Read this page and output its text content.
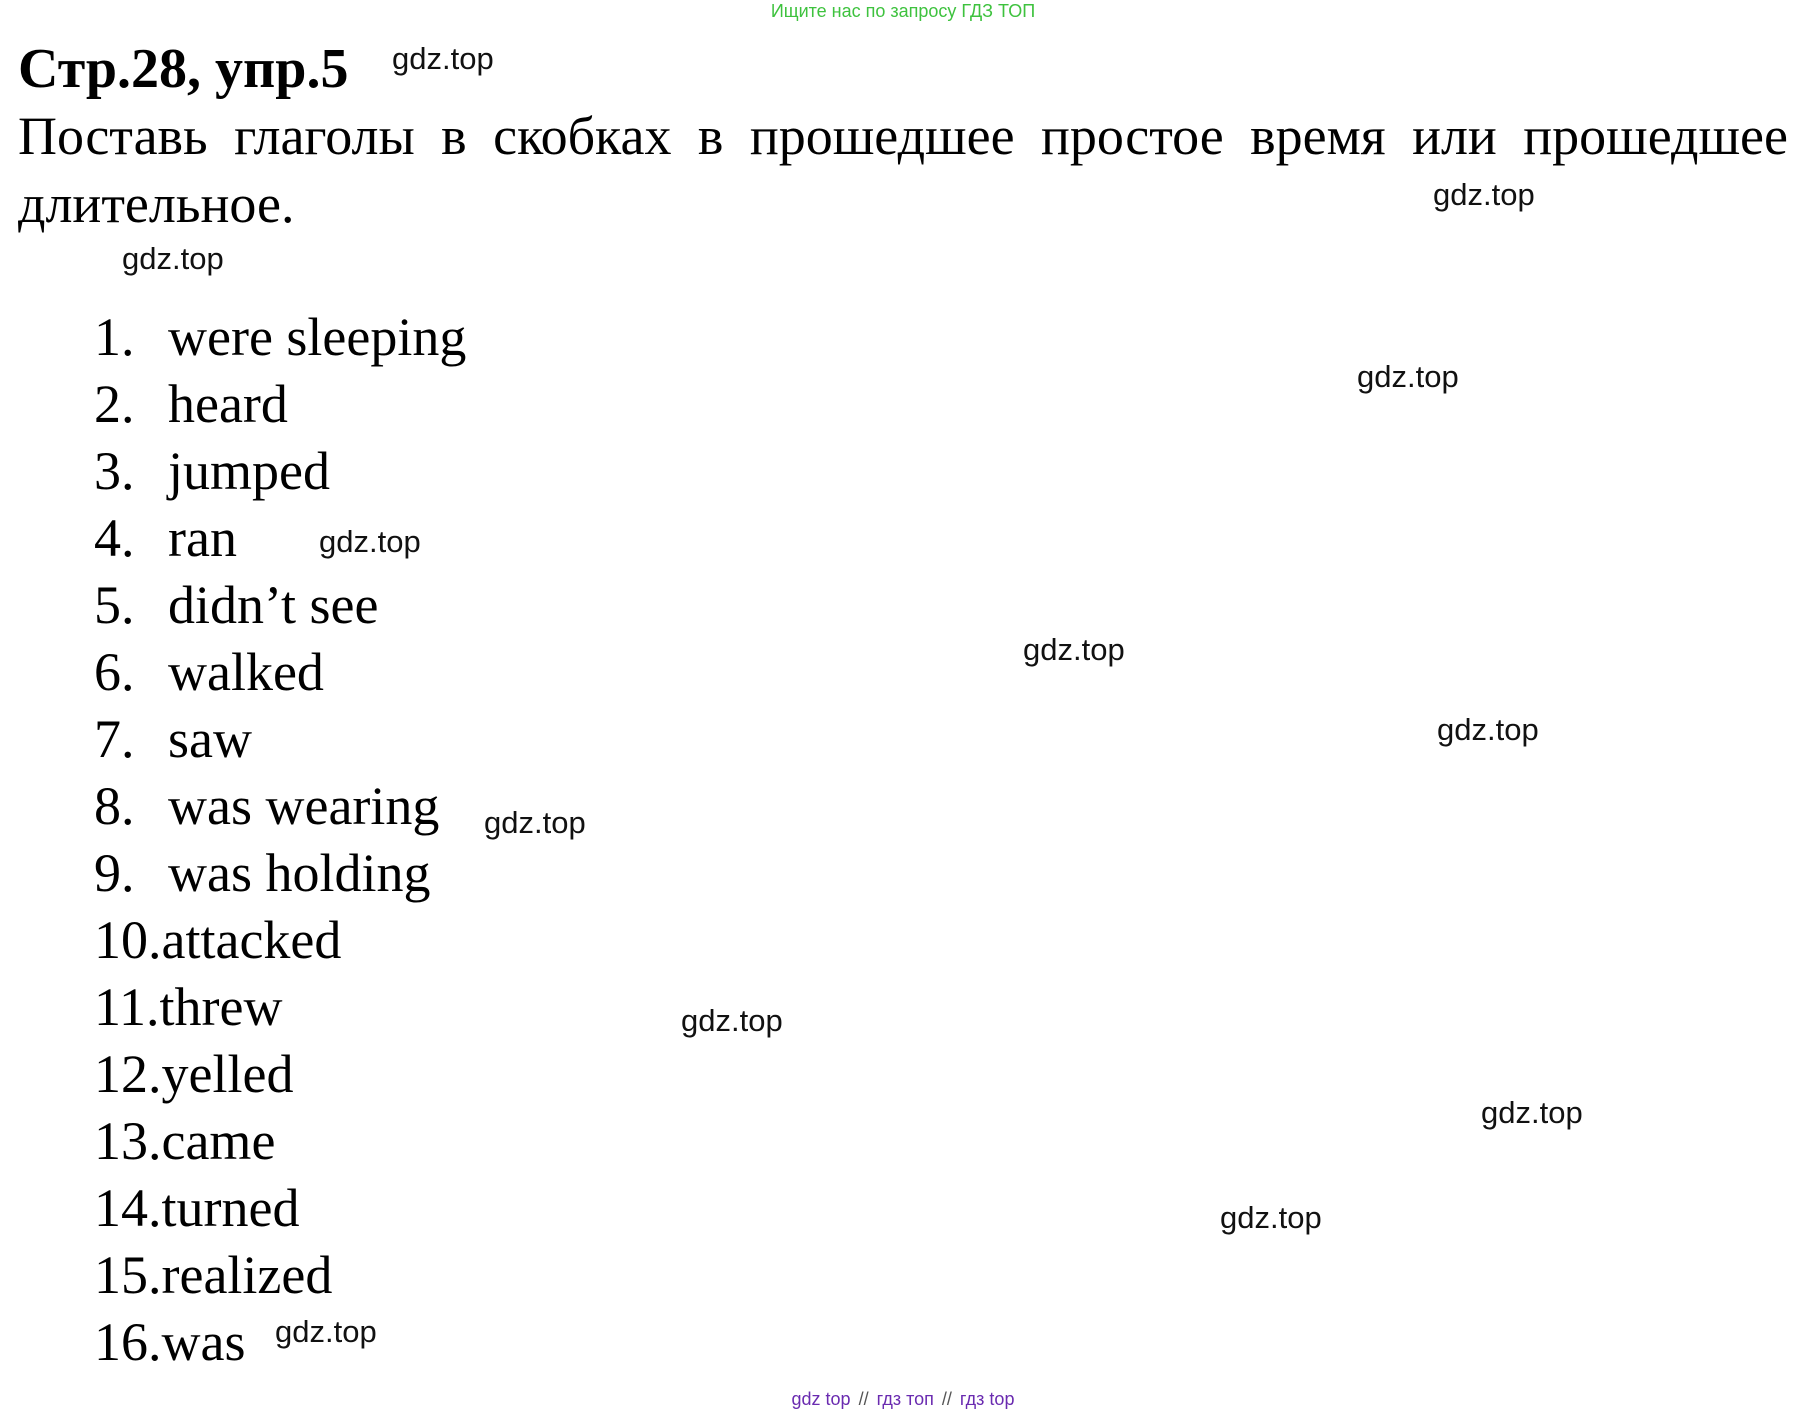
Ищите нас по запросу ГДЗ ТОП
Стр.28, упр.5

Поставь глаголы в скобках в прошедшее простое время или прошедшее длительное.

1. were sleeping
2. heard
3. jumped
4. ran
5. didn’t see
6. walked
7. saw
8. was wearing
9. was holding
10.attacked
11.threw
12.yelled
13.came
14.turned
15.realized
16.was
gdz.top
gdz.top
gdz.top
gdz.top
gdz.top
gdz.top
gdz.top
gdz.top
gdz.top
gdz.top
gdz.top
gdz.top
gdz top // гдз топ // гдз top
